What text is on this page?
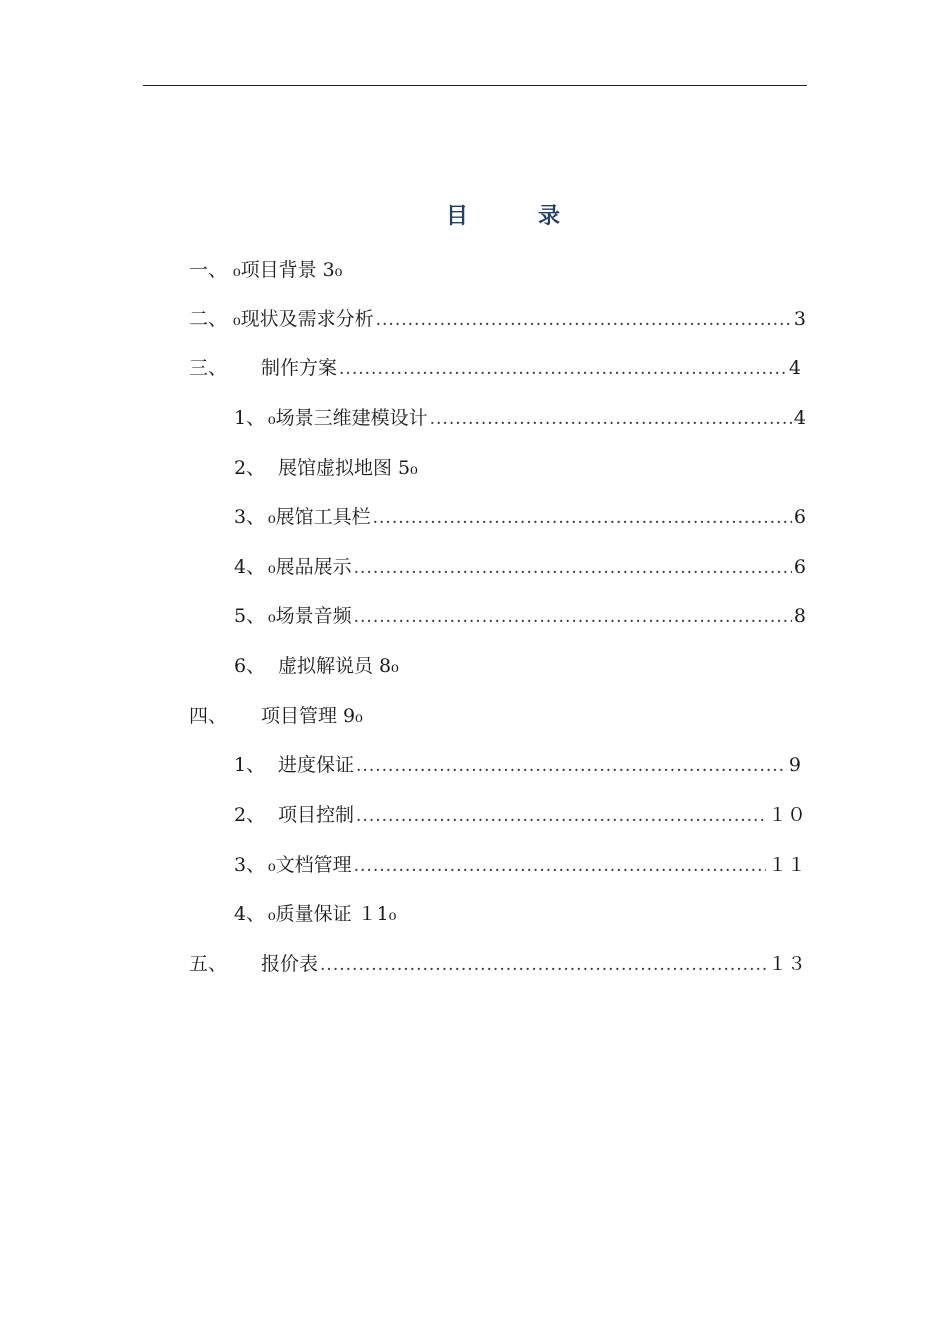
目　录
一、 ₀项目背景 3₀
二、 ₀现状及需求分析 .....	3
三、	制作方案 .....	4
1、 ₀场景三维建模设计 .....	4
2、 展馆虚拟地图 5₀
3、 ₀展馆工具栏 .....	6
4、 ₀展品展示 .....	6
5、 ₀场景音频 .....	8
6、 虚拟解说员 8₀
四、	项目管理 9₀
1、 进度保证 .....	9
2、 项目控制 .....	１０
3、 ₀文档管理 .....	１１
4、 ₀质量保证 １1₀
五、	报价表 .....	１３
